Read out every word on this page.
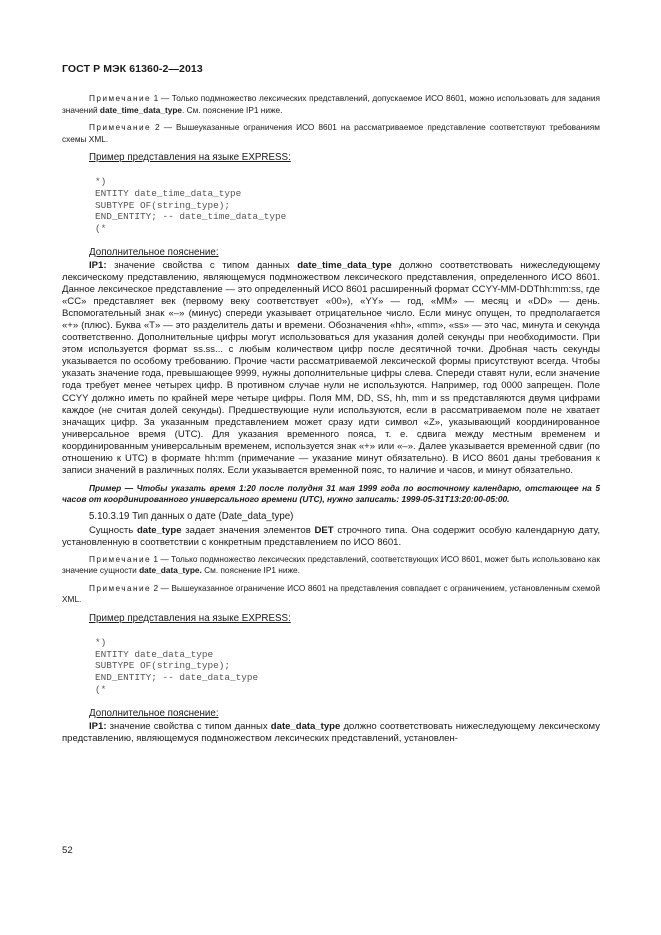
ГОСТ Р МЭК 61360-2—2013

Примечание 1 — Только подмножество лексических представлений, допускаемое ИСО 8601, можно использовать для задания значений date_time_data_type. См. пояснение IP1 ниже.

Примечание 2 — Вышеуказанные ограничения ИСО 8601 на рассматриваемое представление соответствуют требованиям схемы XML.

Пример представления на языке EXPRESS:

*)
ENTITY date_time_data_type
SUBTYPE OF(string_type);
END_ENTITY; -- date_time_data_type
(*

Дополнительное пояснение:

IP1: значение свойства с типом данных date_time_data_type должно соответствовать нижеследующему лексическому представлению, являющемуся подмножеством лексического представления, определенного ИСО 8601. Данное лексическое представление — это определенный ИСО 8601 расширенный формат CCYY-MM-DDThh:mm:ss, где «CC» представляет век (первому веку соответствует «00»), «YY» — год, «MM» — месяц и «DD» — день. Вспомогательный знак «–» (минус) спереди указывает отрицательное число. Если минус опущен, то предполагается «+» (плюс). Буква «T» — это разделитель даты и времени. Обозначения «hh», «mm», «ss» — это час, минута и секунда соответственно. Дополнительные цифры могут использоваться для указания долей секунды при необходимости. При этом используется формат ss.ss... с любым количеством цифр после десятичной точки. Дробная часть секунды указывается по особому требованию. Прочие части рассматриваемой лексической формы присутствуют всегда. Чтобы указать значение года, превышающее 9999, нужны дополнительные цифры слева. Спереди ставят нули, если значение года требует менее четырех цифр. В противном случае нули не используются. Например, год 0000 запрещен. Поле CCYY должно иметь по крайней мере четыре цифры. Поля MM, DD, SS, hh, mm и ss представляются двумя цифрами каждое (не считая долей секунды). Предшествующие нули используются, если в рассматриваемом поле не хватает значащих цифр. За указанным представлением может сразу идти символ «Z», указывающий координированное универсальное время (UTC). Для указания временного пояса, т. е. сдвига между местным временем и координированным универсальным временем, используется знак «+» или «–». Далее указывается временной сдвиг (по отношению к UTC) в формате hh:mm (примечание — указание минут обязательно). В ИСО 8601 даны требования к записи значений в различных полях. Если указывается временной пояс, то наличие и часов, и минут обязательно.

Пример — Чтобы указать время 1:20 после полудня 31 мая 1999 года по восточному календарю, отстающее на 5 часов от координированного универсального времени (UTC), нужно записать: 1999-05-31T13:20:00-05:00.

5.10.3.19 Тип данных о дате (Date_data_type)

Сущность date_type задает значения элементов DET строчного типа. Она содержит особую календарную дату, установленную в соответствии с конкретным представлением по ИСО 8601.

Примечание 1 — Только подмножество лексических представлений, соответствующих ИСО 8601, может быть использовано как значение сущности date_data_type. См. пояснение IP1 ниже.

Примечание 2 — Вышеуказанное ограничение ИСО 8601 на представления совпадает с ограничением, установленным схемой XML.

Пример представления на языке EXPRESS:

*)
ENTITY date_data_type
SUBTYPE OF(string_type);
END_ENTITY; -- date_data_type
(*

Дополнительное пояснение:

IP1: значение свойства с типом данных date_data_type должно соответствовать нижеследующему лексическому представлению, являющемуся подмножеством лексических представлений, установлен-

52
